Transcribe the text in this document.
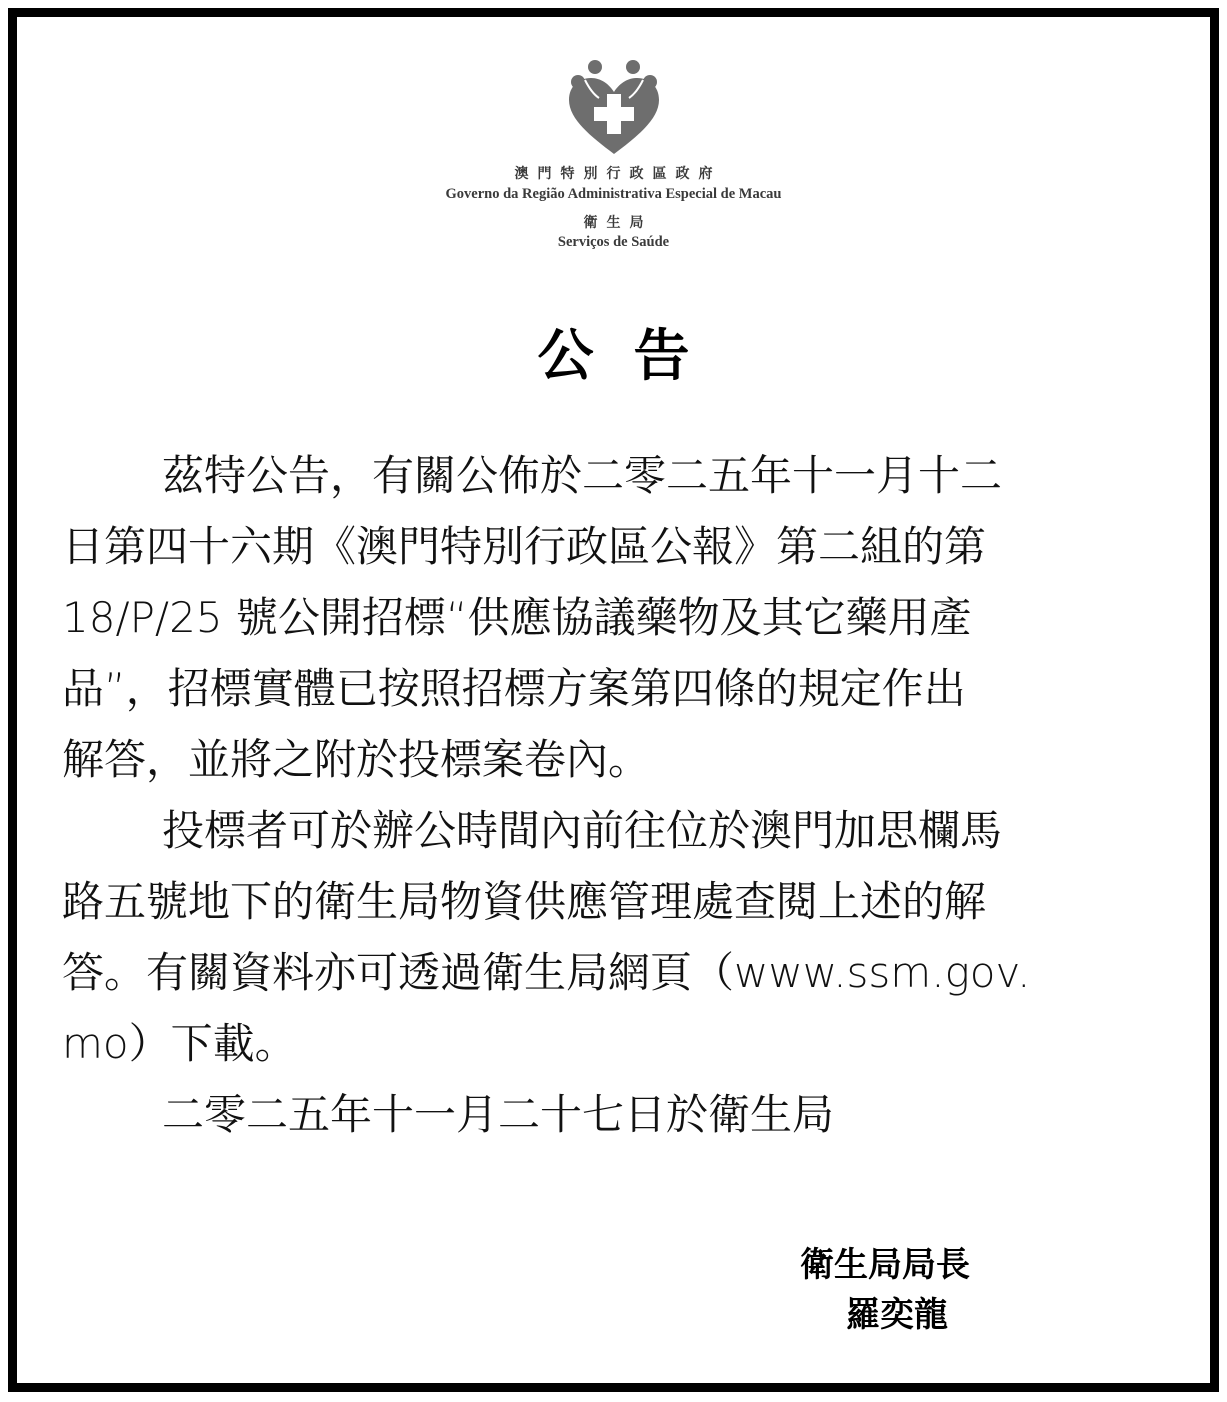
澳門特別行政區政府
Governo da Região Administrativa Especial de Macau
衛生局
Serviços de Saúde
公告
茲特公告，有關公佈於二零二五年十一月十二
日第四十六期《澳門特別行政區公報》第二組的第
18/P/25 號公開招標“供應協議藥物及其它藥用產
品”，招標實體已按照招標方案第四條的規定作出
解答，並將之附於投標案卷內。
投標者可於辦公時間內前往位於澳門加思欄馬
路五號地下的衛生局物資供應管理處查閱上述的解
答。有關資料亦可透過衛生局網頁（www.ssm.gov.
mo）下載。
二零二五年十一月二十七日於衛生局
衛生局局長
羅奕龍
